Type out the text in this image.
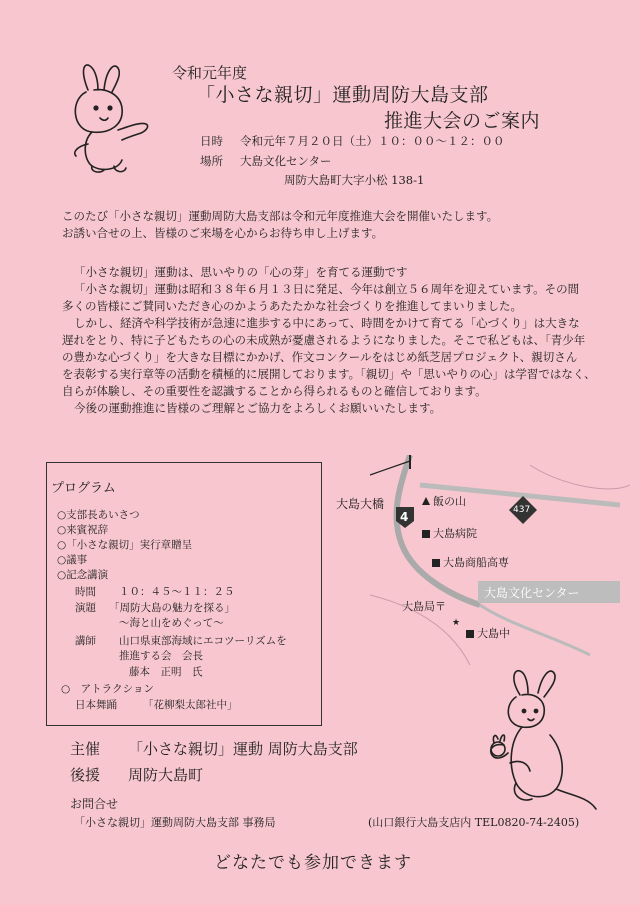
令和元年度
「小さな親切」運動周防大島支部
推進大会のご案内
日時 令和元年７月２０日（土）１０：００～１２：００
場所 大島文化センター
周防大島町大字小松 138-1
このたび「小さな親切」運動周防大島支部は令和元年度推進大会を開催いたします。
お誘い合せの上、皆様のご来場を心からお待ち申し上げます。
「小さな親切」運動は、思いやりの「心の芽」を育てる運動です
「小さな親切」運動は昭和３８年６月１３日に発足、今年は創立５６周年を迎えています。その間
多くの皆様にご賛同いただき心のかようあたたかな社会づくりを推進してまいりました。
しかし、経済や科学技術が急速に進歩する中にあって、時間をかけて育てる「心づくり」は大きな
遅れをとり、特に子どもたちの心の未成熟が憂慮されるようになりました。そこで私どもは、「青少年
の豊かな心づくり」を大きな目標にかかげ、作文コンクールをはじめ紙芝居プロジェクト、親切さん
を表彰する実行章等の活動を積極的に展開しております。「親切」や「思いやりの心」は学習ではなく、
自らが体験し、その重要性を認識することから得られるものと確信しております。
今後の運動推進に皆様のご理解とご協力をよろしくお願いいたします。
プログラム
○支部長あいさつ
○来賓祝辞
○「小さな親切」実行章贈呈
○議事
○記念講演
時間 １０：４５～１１：２５
演題 「周防大島の魅力を探る」
～海と山をめぐって～
講師 山口県東部海域にエコツーリズムを
推進する会　会長
藤本　正明　氏
○　アトラクション
日本舞踊 「花柳梨太郎社中」
大島大橋
4	437
飯の山
大島病院
大島商船高専
大島文化センター
大島局〒
★
大島中
主催 「小さな親切」運動 周防大島支部
後援 周防大島町
お問合せ
「小さな親切」運動周防大島支部 事務局	(山口銀行大島支店内 TEL0820-74-2405)
どなたでも参加できます
